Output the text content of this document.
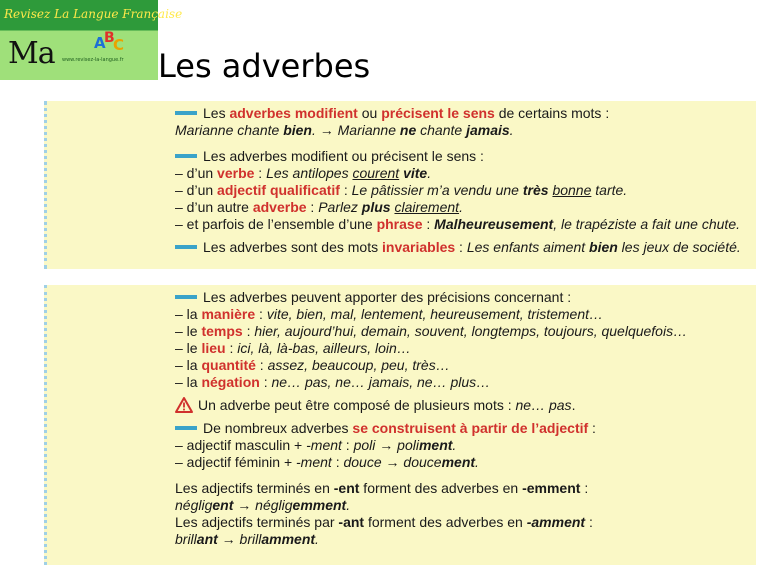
Revisez La Langue Française
Ma	A
B
C
www.revisez-la-langue.fr Les adverbes
Les adverbes modifient ou précisent le sens de certains mots :
Marianne chante bien. → Marianne ne chante jamais.
Les adverbes modifient ou précisent le sens :
– d’un verbe : Les antilopes courent vite.
– d’un adjectif qualificatif : Le pâtissier m’a vendu une très bonne tarte.
– d’un autre adverbe : Parlez plus clairement.
– et parfois de l’ensemble d’une phrase : Malheureusement, le trapéziste a fait une chute.
Les adverbes sont des mots invariables : Les enfants aiment bien les jeux de société.
Les adverbes peuvent apporter des précisions concernant :
– la manière : vite, bien, mal, lentement, heureusement, tristement…
– le temps : hier, aujourd’hui, demain, souvent, longtemps, toujours, quelquefois…
– le lieu : ici, là, là-bas, ailleurs, loin…
– la quantité : assez, beaucoup, peu, très…
– la négation : ne… pas, ne… jamais, ne… plus…
Un adverbe peut être composé de plusieurs mots : ne… pas.
De nombreux adverbes se construisent à partir de l’adjectif :
– adjectif masculin + -ment : poli → poliment.
– adjectif féminin + -ment : douce → doucement.
Les adjectifs terminés en -ent forment des adverbes en -emment :
négligent → négligemment.
Les adjectifs terminés par -ant forment des adverbes en -amment :
brillant → brillamment.
